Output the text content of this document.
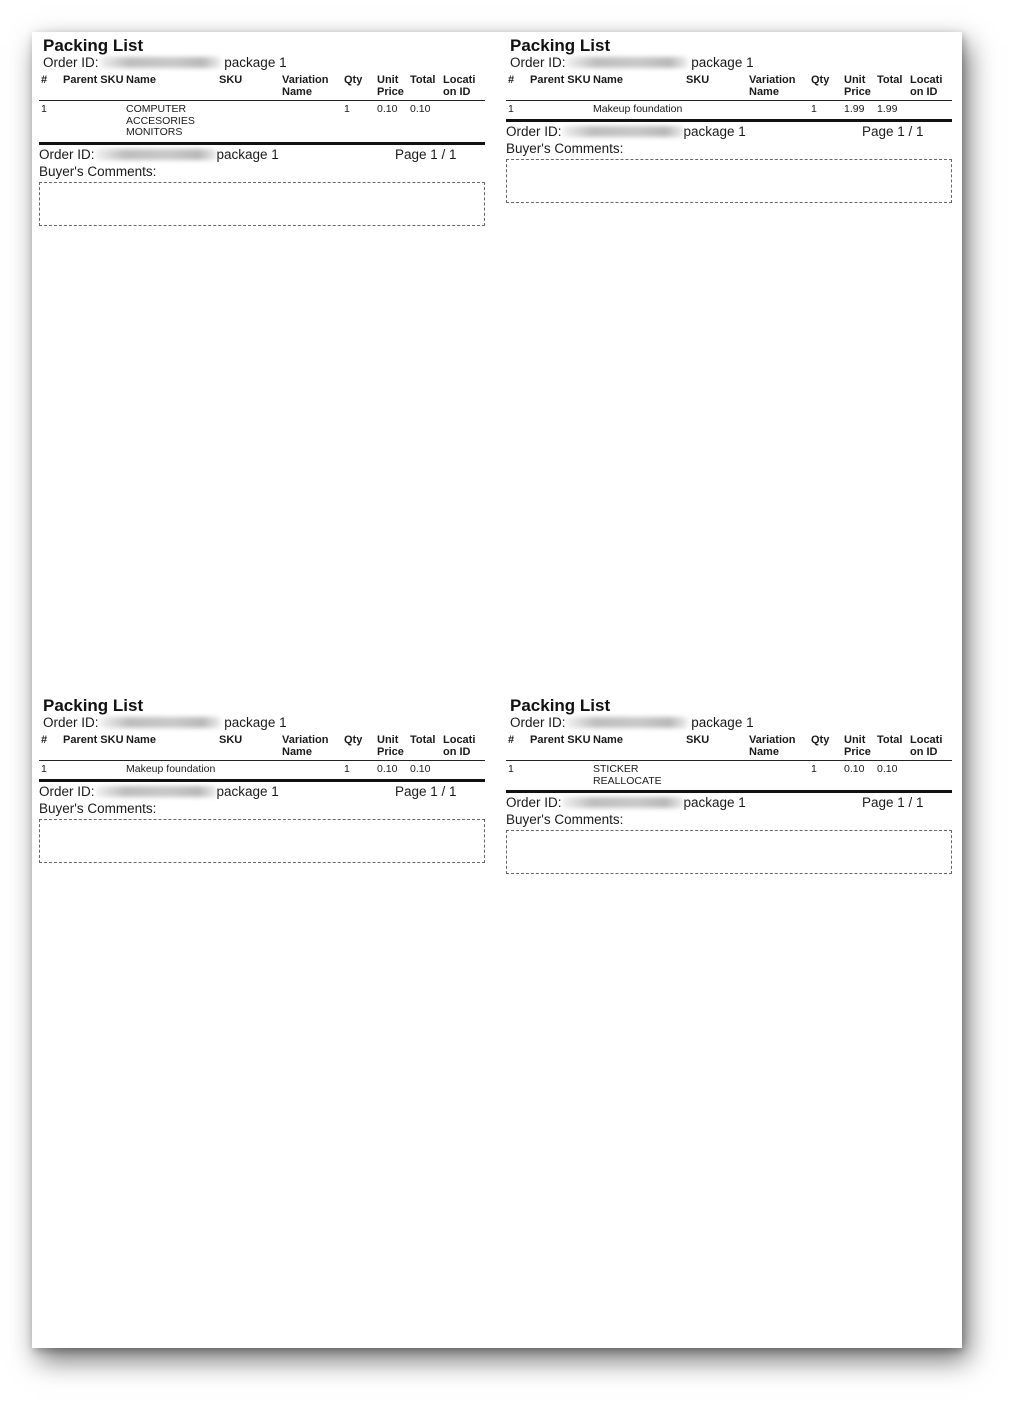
Packing List
Order ID:	package 1
#	Parent SKU	Name	SKU	Variation Name	Qty	Unit Price	Total	Locati on ID
1		COMPUTER ACCESORIES MONITORS			1	0.10	0.10	
Order ID:	package 1	Page 1 / 1
Buyer's Comments:
Packing List
Order ID:	package 1
#	Parent SKU	Name	SKU	Variation Name	Qty	Unit Price	Total	Locati on ID
1		Makeup foundation			1	1.99	1.99	
Order ID:	package 1	Page 1 / 1
Buyer's Comments:
Packing List
Order ID:	package 1
#	Parent SKU	Name	SKU	Variation Name	Qty	Unit Price	Total	Locati on ID
1		Makeup foundation			1	0.10	0.10	
Order ID:	package 1	Page 1 / 1
Buyer's Comments:
Packing List
Order ID:	package 1
#	Parent SKU	Name	SKU	Variation Name	Qty	Unit Price	Total	Locati on ID
1		STICKER REALLOCATE			1	0.10	0.10	
Order ID:	package 1	Page 1 / 1
Buyer's Comments:
